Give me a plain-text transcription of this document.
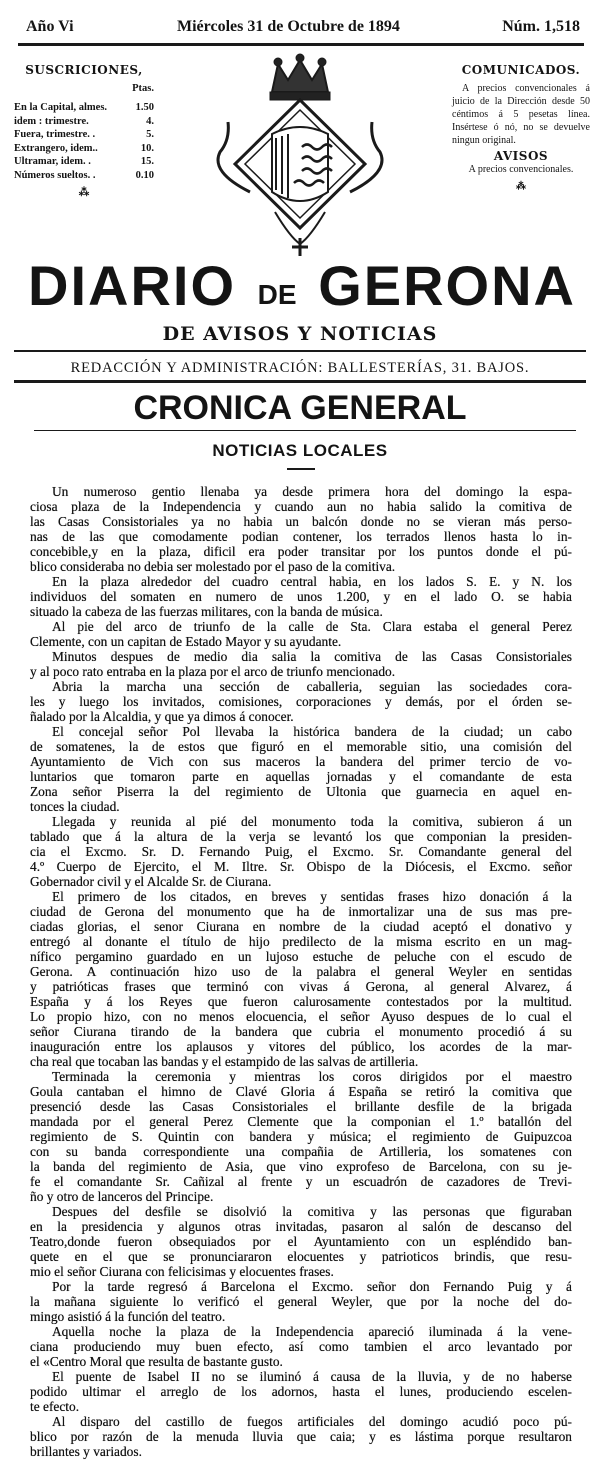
Año Vi	Miércoles 31 de Octubre de 1894	Núm. 1,518
SUSCRICIONES,
Ptas.
En la Capital, almes.	1.50
idem : trimestre.	4.
Fuera, trimestre. .	5.
Extrangero, idem..	10.
Ultramar, idem. .	15.
Números sueltos. .	0.10
⁂
COMUNICADOS.
A precios convencionales á juicio de la Dirección desde 50 céntimos á 5 pesetas línea. Insértese ó nó, no se devuelve ningun original.
AVISOS
A precios convencionales.
⁂
DIARIO DE GERONA
DE AVISOS Y NOTICIAS
REDACCIÓN Y ADMINISTRACIÓN: BALLESTERÍAS, 31. BAJOS.
CRONICA GENERAL
NOTICIAS LOCALES
Un numeroso gentio llenaba ya desde primera hora del domingo la espa-
ciosa plaza de la Independencia y cuando aun no habia salido la comitiva de
las Casas Consistoriales ya no habia un balcón donde no se vieran más perso-
nas de las que comodamente podian contener, los terrados llenos hasta lo in-
concebible,y en la plaza, dificil era poder transitar por los puntos donde el pú-
blico consideraba no debia ser molestado por el paso de la comitiva.
En la plaza alrededor del cuadro central habia, en los lados S. E. y N. los
individuos del somaten en numero de unos 1.200, y en el lado O. se habia
situado la cabeza de las fuerzas militares, con la banda de música.
Al pie del arco de triunfo de la calle de Sta. Clara estaba el general Perez
Clemente, con un capitan de Estado Mayor y su ayudante.
Minutos despues de medio dia salia la comitiva de las Casas Consistoriales
y al poco rato entraba en la plaza por el arco de triunfo mencionado.
Abria la marcha una sección de caballeria, seguian las sociedades cora-
les y luego los invitados, comisiones, corporaciones y demás, por el órden se-
ñalado por la Alcaldia, y que ya dimos á conocer.
El concejal señor Pol llevaba la histórica bandera de la ciudad; un cabo
de somatenes, la de estos que figuró en el memorable sitio, una comisión del
Ayuntamiento de Vich con sus maceros la bandera del primer tercio de vo-
luntarios que tomaron parte en aquellas jornadas y el comandante de esta
Zona señor Piserra la del regimiento de Ultonia que guarnecia en aquel en-
tonces la ciudad.
Llegada y reunida al pié del monumento toda la comitiva, subieron á un
tablado que á la altura de la verja se levantó los que componian la presiden-
cia el Excmo. Sr. D. Fernando Puig, el Excmo. Sr. Comandante general del
4.º Cuerpo de Ejercito, el M. Iltre. Sr. Obispo de la Diócesis, el Excmo. señor
Gobernador civil y el Alcalde Sr. de Ciurana.
El primero de los citados, en breves y sentidas frases hizo donación á la
ciudad de Gerona del monumento que ha de inmortalizar una de sus mas pre-
ciadas glorias, el senor Ciurana en nombre de la ciudad aceptó el donativo y
entregó al donante el título de hijo predilecto de la misma escrito en un mag-
nífico pergamino guardado en un lujoso estuche de peluche con el escudo de
Gerona. A continuación hizo uso de la palabra el general Weyler en sentidas
y patrióticas frases que terminó con vivas á Gerona, al general Alvarez, á
España y á los Reyes que fueron calurosamente contestados por la multitud.
Lo propio hizo, con no menos elocuencia, el señor Ayuso despues de lo cual el
señor Ciurana tirando de la bandera que cubria el monumento procedió á su
inauguración entre los aplausos y vitores del público, los acordes de la mar-
cha real que tocaban las bandas y el estampido de las salvas de artilleria.
Terminada la ceremonia y mientras los coros dirigidos por el maestro
Goula cantaban el himno de Clavé Gloria á España se retiró la comitiva que
presenció desde las Casas Consistoriales el brillante desfile de la brigada
mandada por el general Perez Clemente que la componian el 1.º batallón del
regimiento de S. Quintin con bandera y música; el regimiento de Guipuzcoa
con su banda correspondiente una compañia de Artilleria, los somatenes con
la banda del regimiento de Asia, que vino exprofeso de Barcelona, con su je-
fe el comandante Sr. Cañizal al frente y un escuadrón de cazadores de Trevi-
ño y otro de lanceros del Principe.
Despues del desfile se disolvió la comitiva y las personas que figuraban
en la presidencia y algunos otras invitadas, pasaron al salón de descanso del
Teatro,donde fueron obsequiados por el Ayuntamiento con un espléndido ban-
quete en el que se pronunciararon elocuentes y patrioticos brindis, que resu-
mio el señor Ciurana con felicisimas y elocuentes frases.
Por la tarde regresó á Barcelona el Excmo. señor don Fernando Puig y á
la mañana siguiente lo verificó el general Weyler, que por la noche del do-
mingo asistió á la función del teatro.
Aquella noche la plaza de la Independencia apareció iluminada á la vene-
ciana produciendo muy buen efecto, así como tambien el arco levantado por
el «Centro Moral que resulta de bastante gusto.
El puente de Isabel II no se iluminó á causa de la lluvia, y de no haberse
podido ultimar el arreglo de los adornos, hasta el lunes, produciendo escelen-
te efecto.
Al disparo del castillo de fuegos artificiales del domingo acudió poco pú-
blico por razón de la menuda lluvia que caia; y es lástima porque resultaron
brillantes y variados.
